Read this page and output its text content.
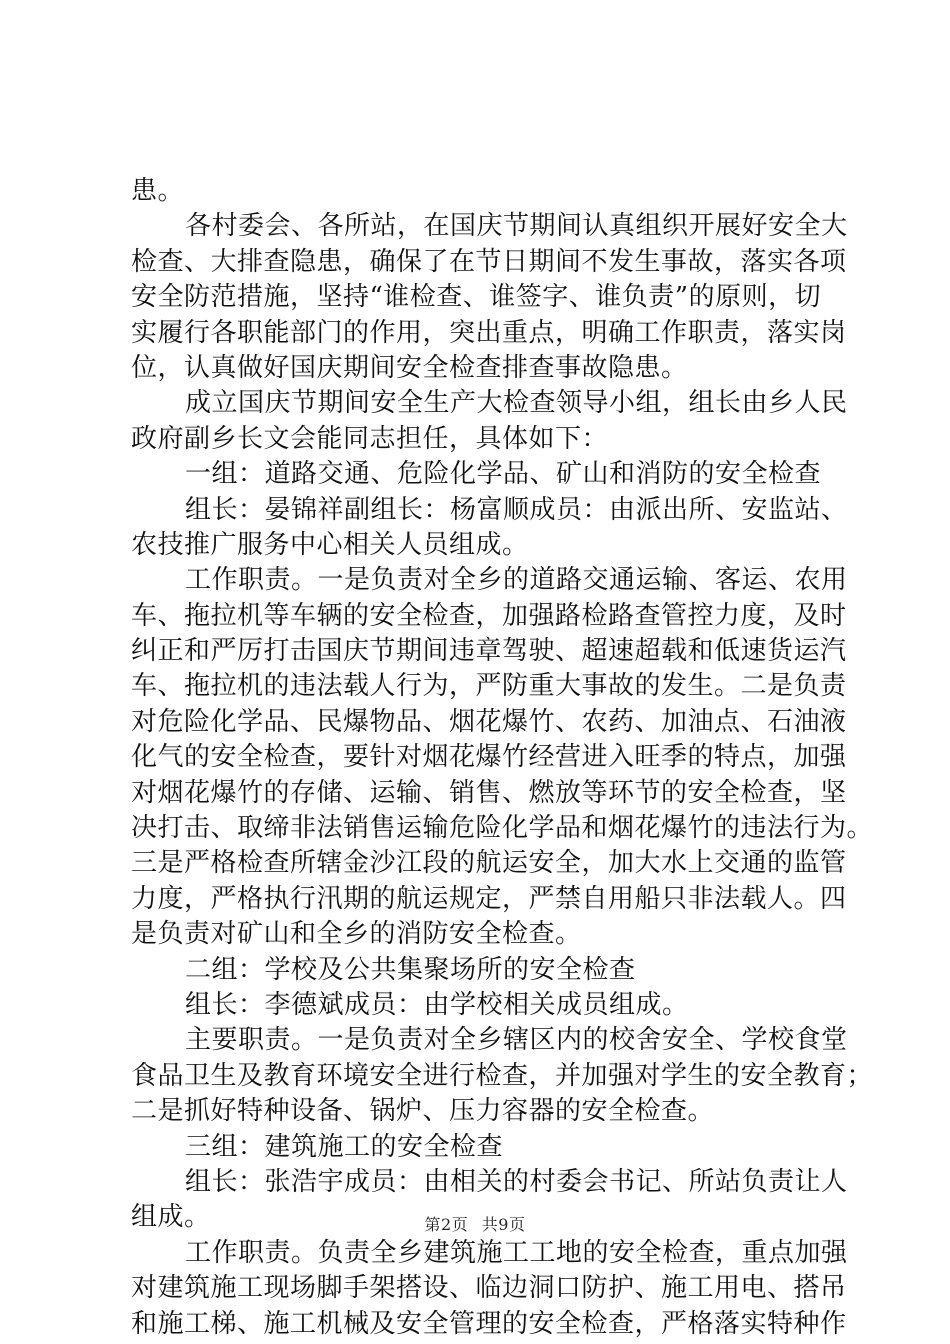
患。
各村委会、各所站，在国庆节期间认真组织开展好安全大
检查、大排查隐患，确保了在节日期间不发生事故，落实各项
安全防范措施，坚持“谁检查、谁签字、谁负责”的原则，切
实履行各职能部门的作用，突出重点，明确工作职责，落实岗
位，认真做好国庆期间安全检查排查事故隐患。
成立国庆节期间安全生产大检查领导小组，组长由乡人民
政府副乡长文会能同志担任，具体如下：
一组：道路交通、危险化学品、矿山和消防的安全检查
组长：晏锦祥副组长：杨富顺成员：由派出所、安监站、
农技推广服务中心相关人员组成。
工作职责。一是负责对全乡的道路交通运输、客运、农用
车、拖拉机等车辆的安全检查，加强路检路查管控力度，及时
纠正和严厉打击国庆节期间违章驾驶、超速超载和低速货运汽
车、拖拉机的违法载人行为，严防重大事故的发生。二是负责
对危险化学品、民爆物品、烟花爆竹、农药、加油点、石油液
化气的安全检查，要针对烟花爆竹经营进入旺季的特点，加强
对烟花爆竹的存储、运输、销售、燃放等环节的安全检查，坚
决打击、取缔非法销售运输危险化学品和烟花爆竹的违法行为。
三是严格检查所辖金沙江段的航运安全，加大水上交通的监管
力度，严格执行汛期的航运规定，严禁自用船只非法载人。四
是负责对矿山和全乡的消防安全检查。
二组：学校及公共集聚场所的安全检查
组长：李德斌成员：由学校相关成员组成。
主要职责。一是负责对全乡辖区内的校舍安全、学校食堂
食品卫生及教育环境安全进行检查，并加强对学生的安全教育；
二是抓好特种设备、锅炉、压力容器的安全检查。
三组：建筑施工的安全检查
组长：张浩宇成员：由相关的村委会书记、所站负责让人
组成。
工作职责。负责全乡建筑施工工地的安全检查，重点加强
对建筑施工现场脚手架搭设、临边洞口防护、施工用电、搭吊
和施工梯、施工机械及安全管理的安全检查，严格落实特种作
第2页 共9页
